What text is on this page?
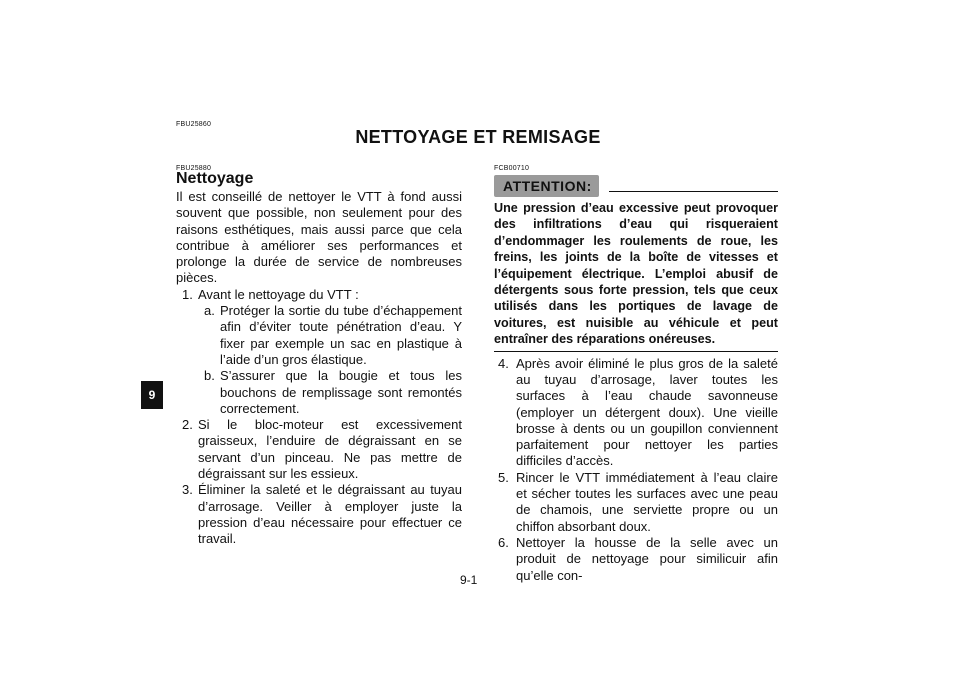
9
FBU25860
NETTOYAGE ET REMISAGE
FBU25880	FCB00710
Nettoyage

Il est conseillé de nettoyer le VTT à fond aussi souvent que possible, non seulement pour des raisons esthétiques, mais aussi parce que cela contribue à améliorer ses performances et prolonge la durée de service de nombreuses pièces.

1. Avant le nettoyage du VTT :
a. Protéger la sortie du tube d’échappement afin d’éviter toute pénétration d’eau. Y fixer par exemple un sac en plastique à l’aide d’un gros élastique.
b. S’assurer que la bougie et tous les bouchons de remplissage sont remontés correctement.
2. Si le bloc-moteur est excessivement graisseux, l’enduire de dégraissant en se servant d’un pinceau. Ne pas mettre de dégraissant sur les essieux.
3. Éliminer la saleté et le dégraissant au tuyau d’arrosage. Veiller à employer juste la pression d’eau nécessaire pour effectuer ce travail.
ATTENTION:
Une pression d’eau excessive peut provoquer des infiltrations d’eau qui risqueraient d’endommager les roulements de roue, les freins, les joints de la boîte de vitesses et l’équipement électrique. L’emploi abusif de détergents sous forte pression, tels que ceux utilisés dans les portiques de lavage de voitures, est nuisible au véhicule et peut entraîner des réparations onéreuses.
4. Après avoir éliminé le plus gros de la saleté au tuyau d’arrosage, laver toutes les surfaces à l’eau chaude savonneuse (employer un détergent doux). Une vieille brosse à dents ou un goupillon conviennent parfaitement pour nettoyer les parties difficiles d’accès.
5. Rincer le VTT immédiatement à l’eau claire et sécher toutes les surfaces avec une peau de chamois, une serviette propre ou un chiffon absorbant doux.
6. Nettoyer la housse de la selle avec un produit de nettoyage pour similicuir afin qu’elle con-
9-1
